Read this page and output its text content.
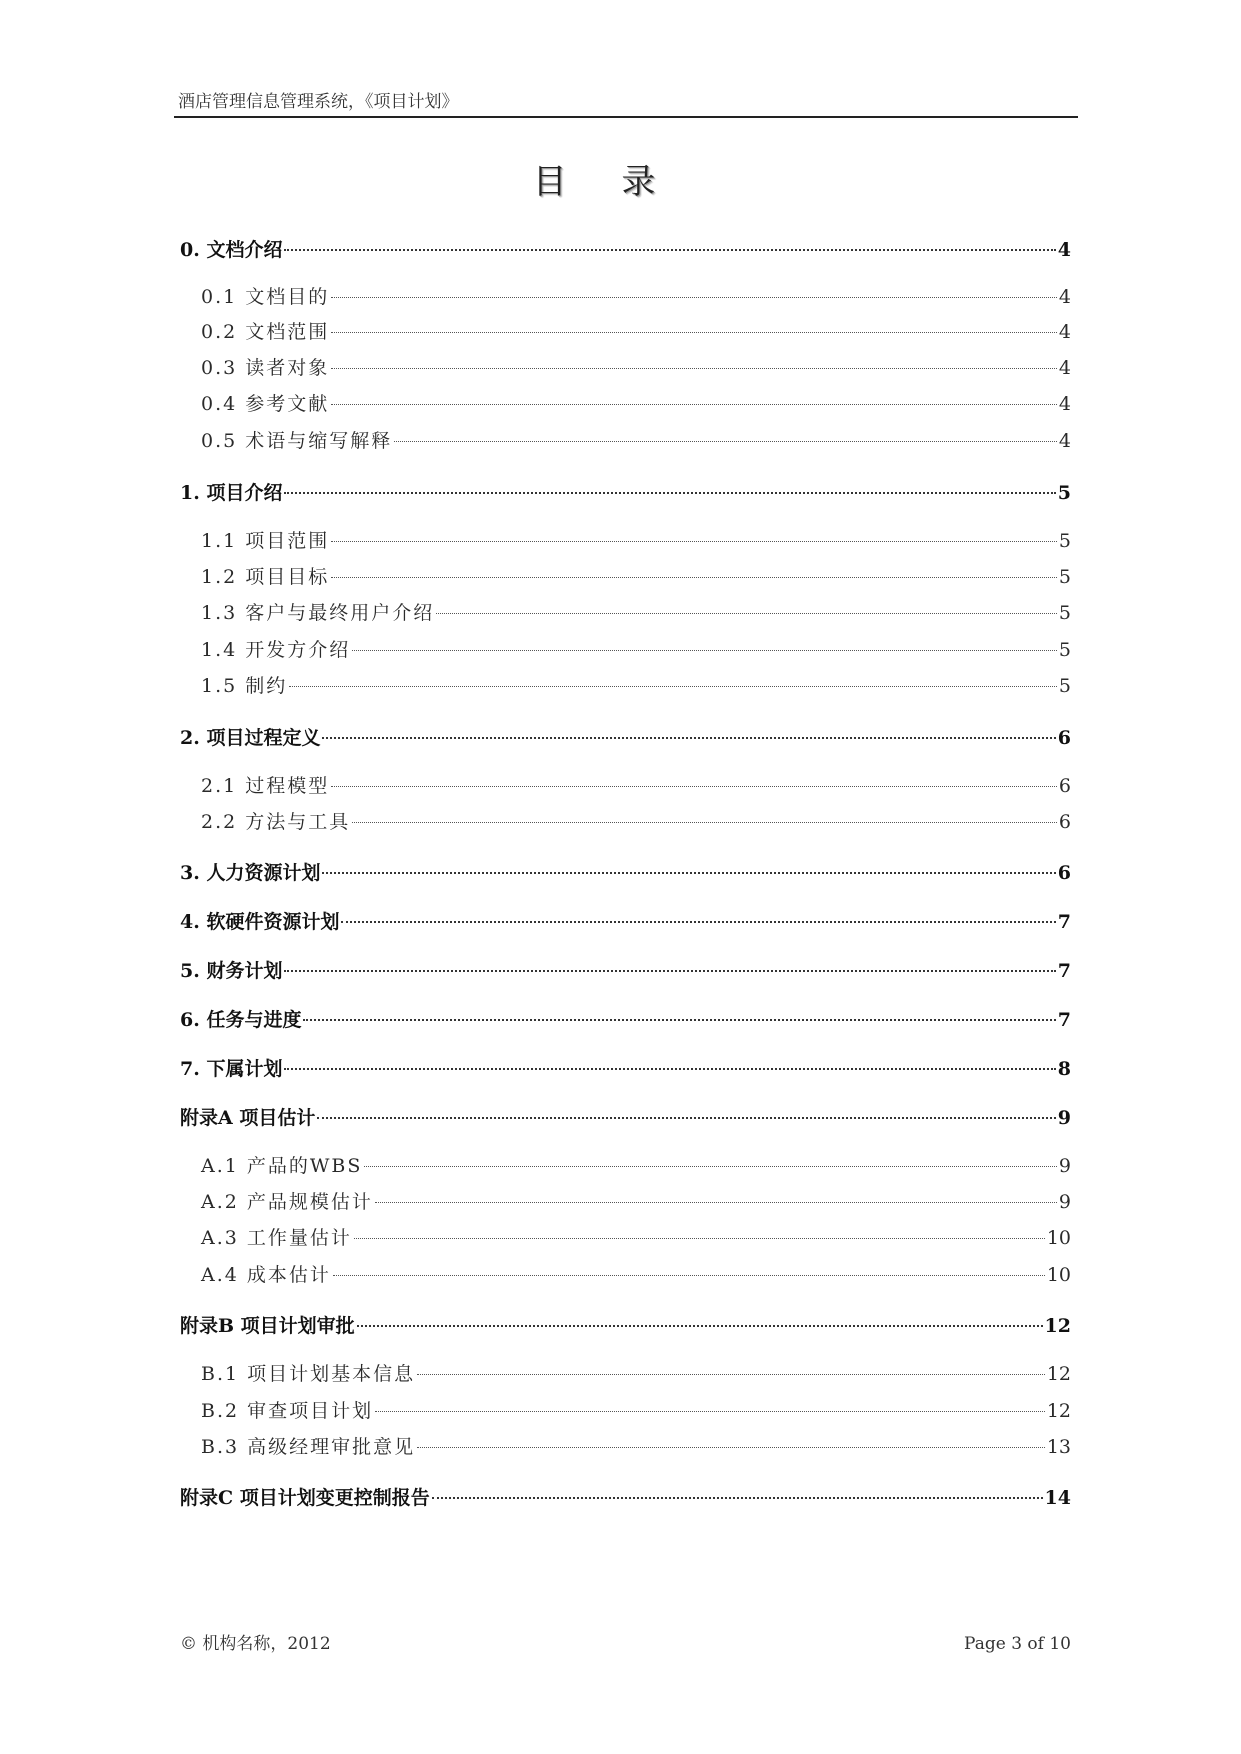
酒店管理信息管理系统，《项目计划》
目 录
0. 文档介绍	4
0.1 文档目的	4
0.2 文档范围	4
0.3 读者对象	4
0.4 参考文献	4
0.5 术语与缩写解释	4
1. 项目介绍	5
1.1 项目范围	5
1.2 项目目标	5
1.3 客户与最终用户介绍	5
1.4 开发方介绍	5
1.5 制约	5
2. 项目过程定义	6
2.1 过程模型	6
2.2 方法与工具	6
3. 人力资源计划	6
4. 软硬件资源计划	7
5. 财务计划	7
6. 任务与进度	7
7. 下属计划	8
附录A 项目估计	9
A.1 产品的WBS	9
A.2 产品规模估计	9
A.3 工作量估计	10
A.4 成本估计	10
附录B 项目计划审批	12
B.1 项目计划基本信息	12
B.2 审查项目计划	12
B.3 高级经理审批意见	13
附录C 项目计划变更控制报告	14
© 机构名称，2012	Page 3 of 10
